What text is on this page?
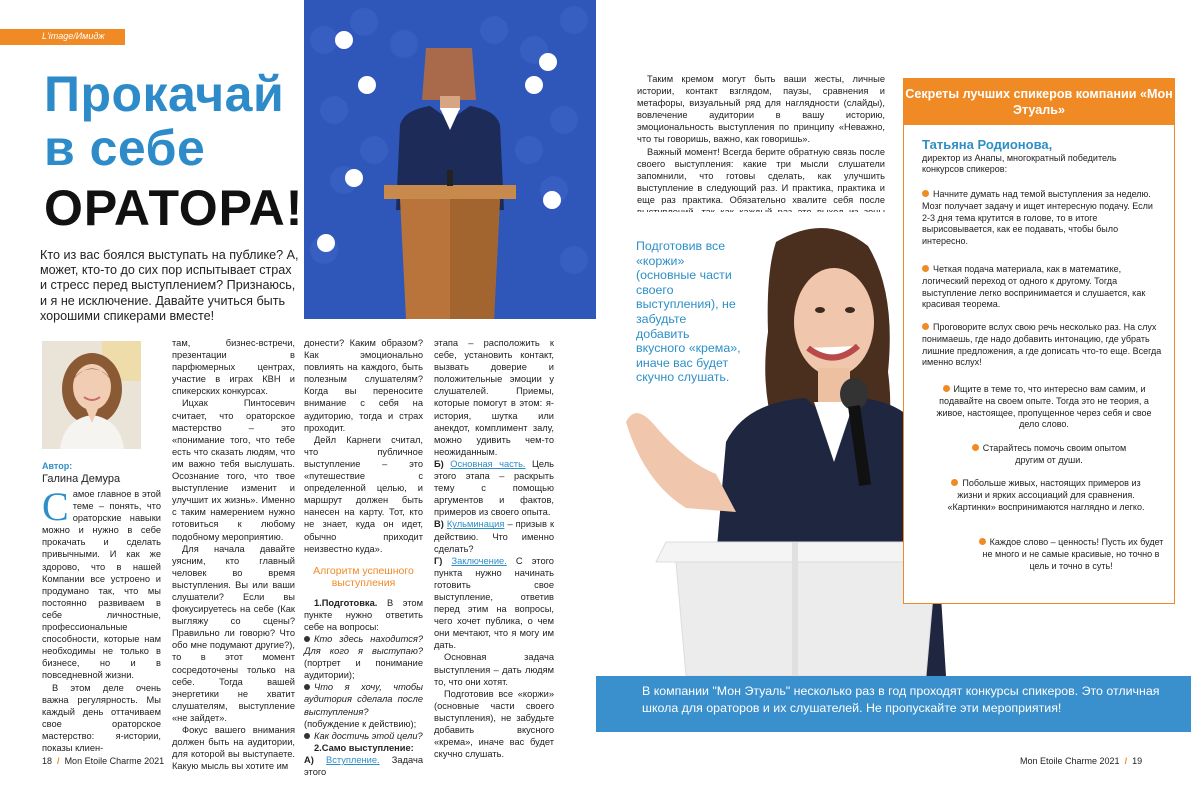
L'image/Имидж
Прокачай
в себе
ОРАТОРА!
Кто из вас боялся выступать на публике? А, может, кто-то до сих пор испытывает страх и стресс перед выступлением? Признаюсь, и я не исключение. Давайте учиться быть хорошими спикерами вместе!
Автор:
Галина Демура
С амое главное в этой теме – понять, что ораторские навыки можно и нужно в себе прокачать и сделать привычными. И как же здорово, что в нашей Компании все устроено и продумано так, что мы постоянно развиваем в себе личностные, профессиональные способности, которые нам необходимы не только в бизнесе, но и в повседневной жизни.

В этом деле очень важна регулярность. Мы каждый день оттачиваем свое ораторское мастерство: я-истории, показы клиен-

там, бизнес-встречи, презентации в парфюмерных центрах, участие в играх КВН и спикерских конкурсах.

Ицхак Пинтосевич считает, что ораторское мастерство – это «понимание того, что тебе есть что сказать людям, что им важно тебя выслушать. Осознание того, что твое выступление изменит и улучшит их жизнь». Именно с таким намерением нужно готовиться к любому подобному мероприятию.

Для начала давайте уясним, кто главный человек во время выступления. Вы или ваши слушатели? Если вы фокусируетесь на себе (Как выгляжу со сцены? Правильно ли говорю? Что обо мне подумают другие?), то в этот момент сосредоточены только на себе. Тогда вашей энергетики не хватит слушателям, выступление «не зайдет».

Фокус вашего внимания должен быть на аудитории, для которой вы выступаете. Какую мысль вы хотите им

донести? Каким образом? Как эмоционально повлиять на каждого, быть полезным слушателям? Когда вы переносите внимание с себя на аудиторию, тогда и страх проходит.

Дейл Карнеги считал, что публичное выступление – это «путешествие с определенной целью, и маршрут должен быть нанесен на карту. Тот, кто не знает, куда он идет, обычно приходит неизвестно куда».

Алгоритм успешного выступления

1.Подготовка. В этом пункте нужно ответить себе на вопросы:

Кто здесь находится? Для кого я выступаю? (портрет и понимание аудитории);

Что я хочу, чтобы аудитория сделала после выступления? (побуждение к действию);

Как достичь этой цели?

2.Само выступление:

А) Вступление. Задача этого

этапа – расположить к себе, установить контакт, вызвать доверие и положительные эмоции у слушателей. Приемы, которые помогут в этом: я-история, шутка или анекдот, комплимент залу, можно удивить чем-то неожиданным.

Б) Основная часть. Цель этого этапа – раскрыть тему с помощью аргументов и фактов, примеров из своего опыта.

В) Кульминация – призыв к действию. Что именно сделать?

Г) Заключение. С этого пункта нужно начинать готовить свое выступление, ответив перед этим на вопросы, чего хочет публика, о чем они мечтают, что я могу им дать.

Основная задача выступления – дать людям то, что они хотят.

Подготовив все «коржи» (основные части своего выступления), не забудьте добавить вкусного «крема», иначе вас будет скучно слушать.

Таким кремом могут быть ваши жесты, личные истории, контакт взглядом, паузы, сравнения и метафоры, визуальный ряд для наглядности (слайды), вовлечение аудитории в вашу историю, эмоциональность выступления по принципу «Неважно, что ты говоришь, важно, как говоришь».

Важный момент! Всегда берите обратную связь после своего выступления: какие три мысли слушатели запомнили, что готовы сделать, как улучшить выступление в следующий раз. И практика, практика и еще раз практика. Обязательно хвалите себя после

Подготовив все «коржи» (основные части своего выступления), не забудьте добавить вкусного «крема», иначе вас будет скучно слушать.
Секреты лучших спикеров компании «Мон Этуаль»
Татьяна Родионова,
директор из Анапы, многократный победитель конкурсов спикеров:
Начните думать над темой выступления за неделю. Мозг получает задачу и ищет интересную подачу. Если 2-3 дня тема крутится в голове, то в итоге вырисовывается, как ее подавать, чтобы было интересно.
Четкая подача материала, как в математике, логический переход от одного к другому. Тогда выступление легко воспринимается и слушается, как красивая теорема.
Проговорите вслух свою речь несколько раз. На слух понимаешь, где надо добавить интонацию, где убрать лишние предложения, а где дописать что-то еще. Всегда именно вслух!
Ищите в теме то, что интересно вам самим, и подавайте на своем опыте. Тогда это не теория, а живое, настоящее, пропущенное через себя и свое дело слово.
Старайтесь помочь своим опытом другим от души.
Побольше живых, настоящих примеров из жизни и ярких ассоциаций для сравнения. «Картинки» воспринимаются наглядно и легко.
Каждое слово – ценность! Пусть их будет не много и не самые красивые, но точно в цель и точно в суть!
В компании "Мон Этуаль" несколько раз в год проходят конкурсы спикеров. Это отличная школа для ораторов и их слушателей. Не пропускайте эти мероприятия!
18  /  Mon Etoile Charme 2021	Mon Etoile Charme 2021  /  19
